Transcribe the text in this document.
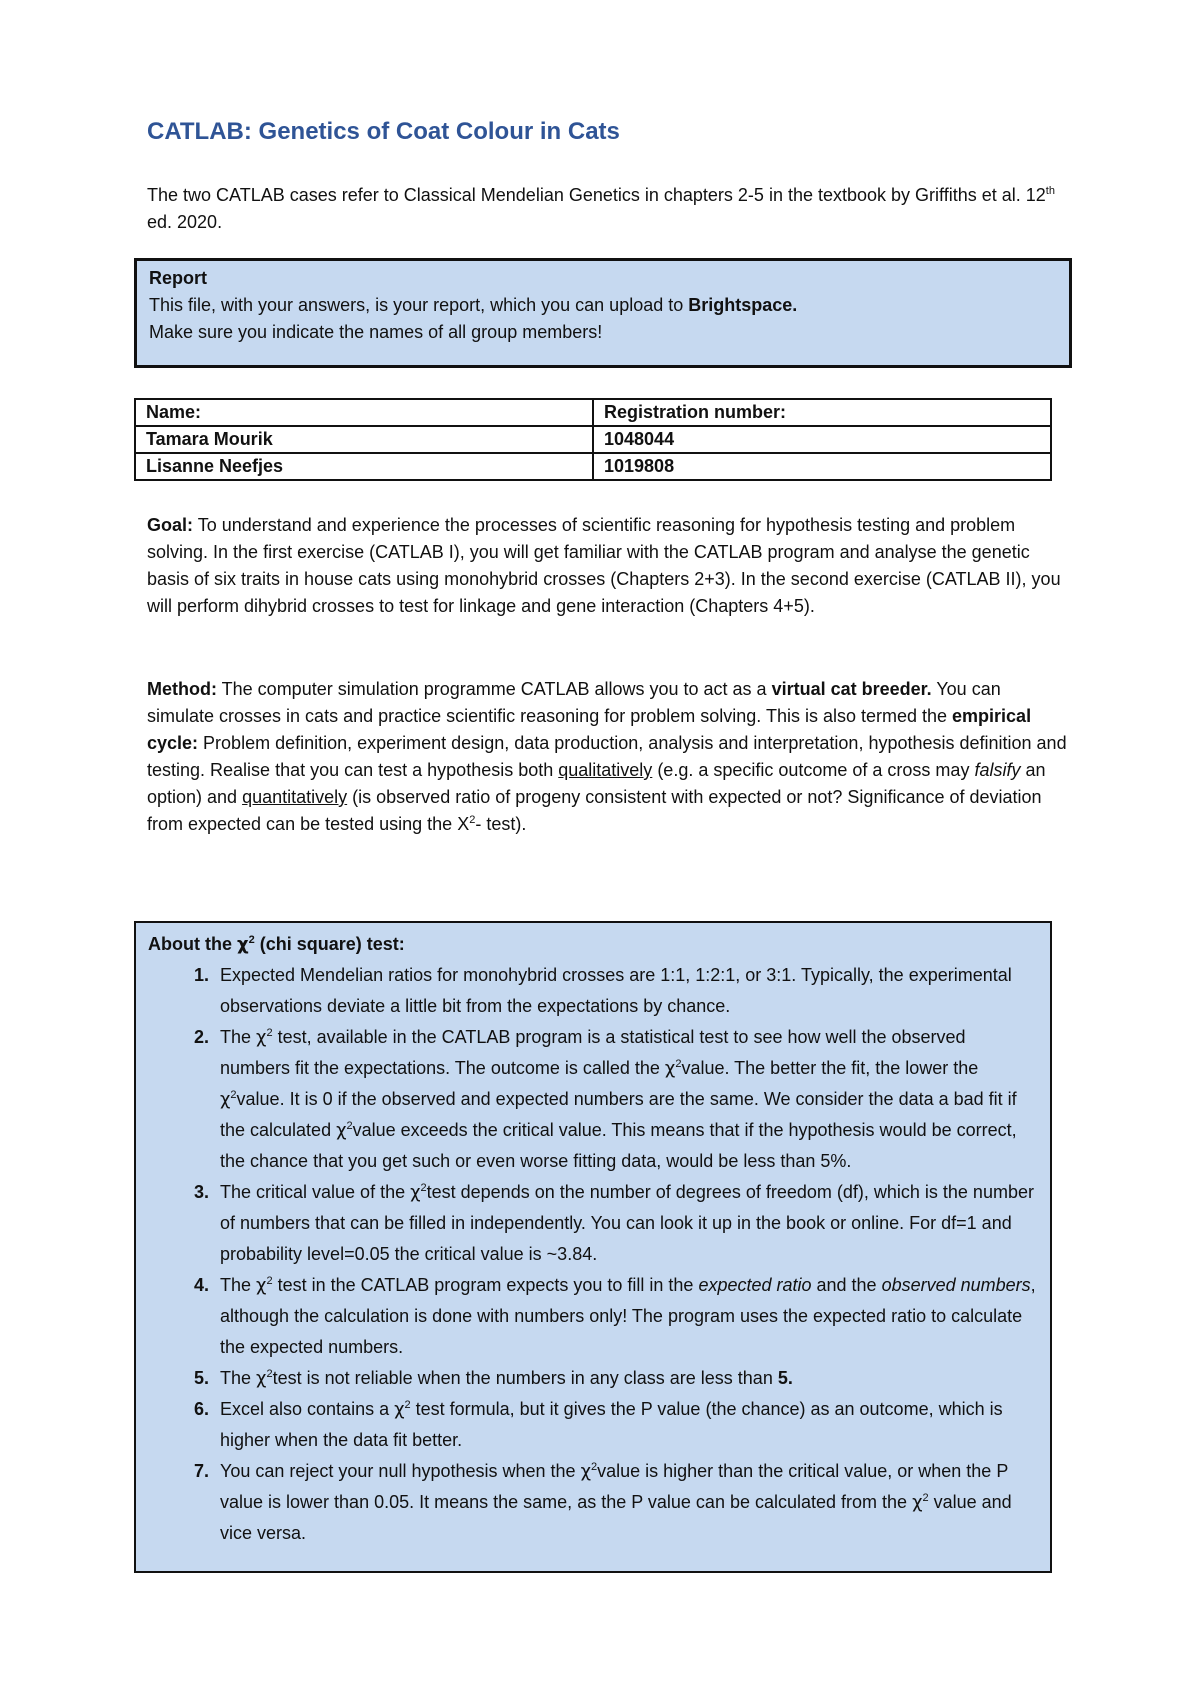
CATLAB: Genetics of Coat Colour in Cats
The two CATLAB cases refer to Classical Mendelian Genetics in chapters 2-5 in the textbook by Griffiths et al. 12th ed. 2020.
Report
This file, with your answers, is your report, which you can upload to Brightspace.
Make sure you indicate the names of all group members!
Name:	Registration number:
Tamara Mourik	1048044
Lisanne Neefjes	1019808
Goal: To understand and experience the processes of scientific reasoning for hypothesis testing and problem solving. In the first exercise (CATLAB I), you will get familiar with the CATLAB program and analyse the genetic basis of six traits in house cats using monohybrid crosses (Chapters 2+3). In the second exercise (CATLAB II), you will perform dihybrid crosses to test for linkage and gene interaction (Chapters 4+5).
Method: The computer simulation programme CATLAB allows you to act as a virtual cat breeder. You can simulate crosses in cats and practice scientific reasoning for problem solving. This is also termed the empirical cycle: Problem definition, experiment design, data production, analysis and interpretation, hypothesis definition and testing. Realise that you can test a hypothesis both qualitatively (e.g. a specific outcome of a cross may falsify an option) and quantitatively (is observed ratio of progeny consistent with expected or not? Significance of deviation from expected can be tested using the $X^2-$ test).
About the $\chi^2$ (chi square) test:
1. Expected Mendelian ratios for monohybrid crosses are 1:1, 1:2:1, or 3:1. Typically, the experimental observations deviate a little bit from the expectations by chance.
2. The $\chi^2$ test, available in the CATLAB program is a statistical test to see how well the observed numbers fit the expectations. The outcome is called the $\chi^2value$. The better the fit, the lower the $\chi^2value$. It is 0 if the observed and expected numbers are the same. We consider the data a bad fit if the calculated $\chi^2value$ exceeds the critical value. This means that if the hypothesis would be correct, the chance that you get such or even worse fitting data, would be less than 5%.
3. The critical value of the $\chi^2test$ depends on the number of degrees of freedom (df), which is the number of numbers that can be filled in independently. You can look it up in the book or online. For df=1 and probability level=0.05 the critical value is ~3.84.
4. The $\chi^2$ test in the CATLAB program expects you to fill in the expected ratio and the observed numbers, although the calculation is done with numbers only! The program uses the expected ratio to calculate the expected numbers.
5. The $\chi^2test$ is not reliable when the numbers in any class are less than 5.
6. Excel also contains a $\chi^2$ test formula, but it gives the P value (the chance) as an outcome, which is higher when the data fit better.
7. You can reject your null hypothesis when the $\chi^2value$ is higher than the critical value, or when the P value is lower than 0.05. It means the same, as the P value can be calculated from the $\chi^2$ value and vice versa.
